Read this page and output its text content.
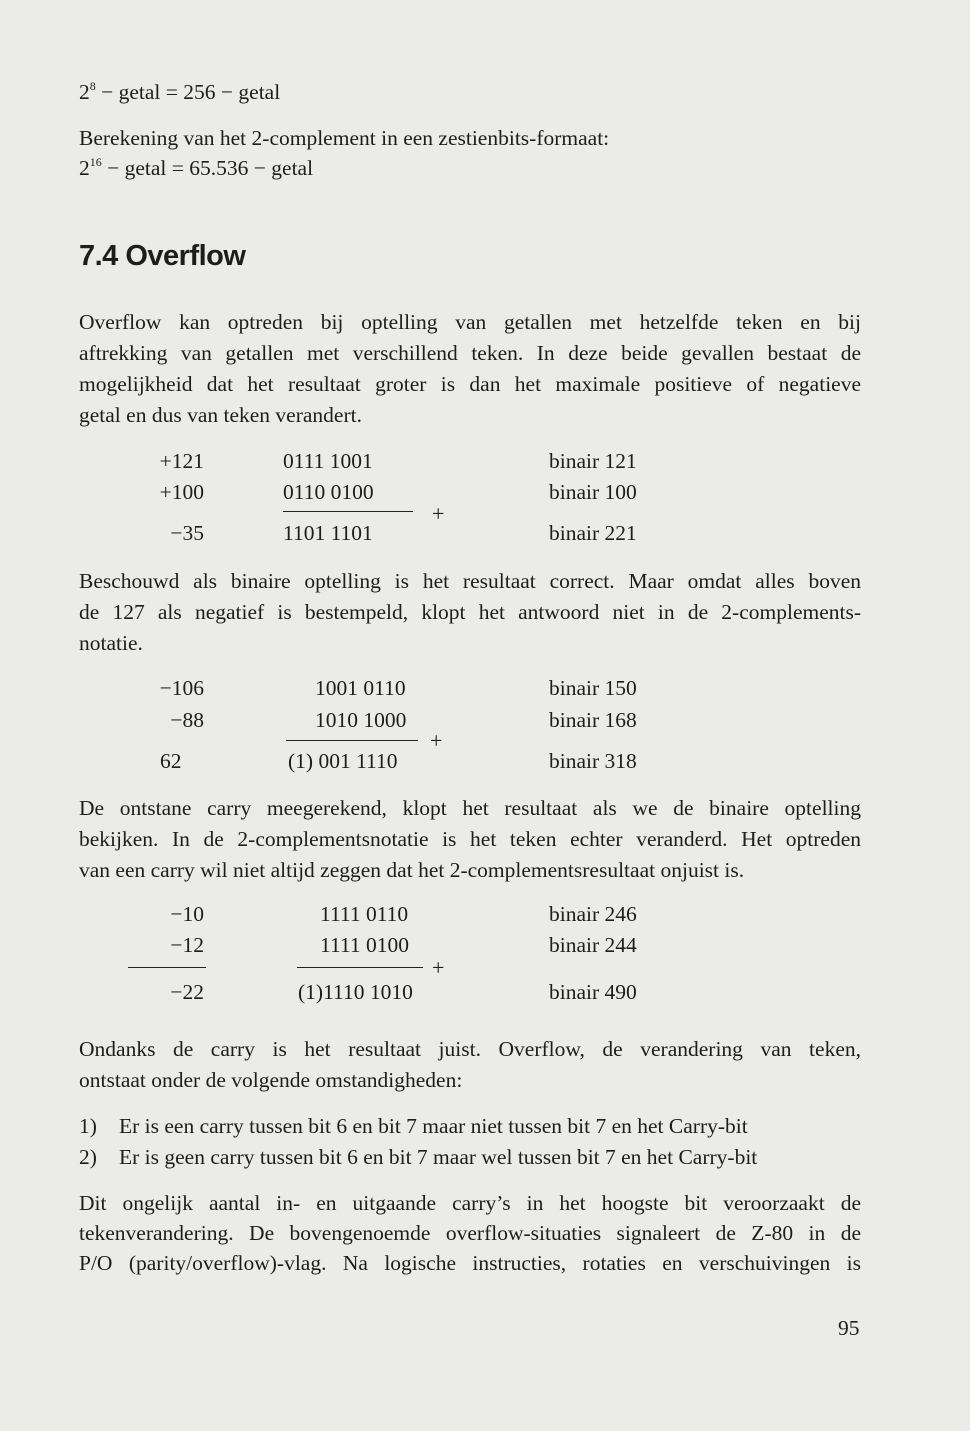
$2^8$ − getal = 256 − getal
Berekening van het 2-complement in een zestienbits-formaat:
$2^{16}$ − getal = 65.536 − getal
7.4 Overflow
Overflow kan optreden bij optelling van getallen met hetzelfde teken en bij
aftrekking van getallen met verschillend teken. In deze beide gevallen bestaat de
mogelijkheid dat het resultaat groter is dan het maximale positieve of negatieve
getal en dus van teken verandert.
+121	0111 1001	binair 121
+100	0110 0100	binair 100
+
−35	1101 1101	binair 221
Beschouwd als binaire optelling is het resultaat correct. Maar omdat alles boven
de 127 als negatief is bestempeld, klopt het antwoord niet in de 2-complements-
notatie.
−106	1001 0110	binair 150
−88	1010 1000	binair 168
+
62	(1) 001 1110	binair 318
De ontstane carry meegerekend, klopt het resultaat als we de binaire optelling
bekijken. In de 2-complementsnotatie is het teken echter veranderd. Het optreden
van een carry wil niet altijd zeggen dat het 2-complementsresultaat onjuist is.
−10	1111 0110	binair 246
−12	1111 0100	binair 244
+
−22	(1)1110 1010	binair 490
Ondanks de carry is het resultaat juist. Overflow, de verandering van teken,
ontstaat onder de volgende omstandigheden:
1) Er is een carry tussen bit 6 en bit 7 maar niet tussen bit 7 en het Carry-bit
2) Er is geen carry tussen bit 6 en bit 7 maar wel tussen bit 7 en het Carry-bit
Dit ongelijk aantal in- en uitgaande carry’s in het hoogste bit veroorzaakt de
tekenverandering. De bovengenoemde overflow-situaties signaleert de Z-80 in de
P/O (parity/overflow)-vlag. Na logische instructies, rotaties en verschuivingen is
95
